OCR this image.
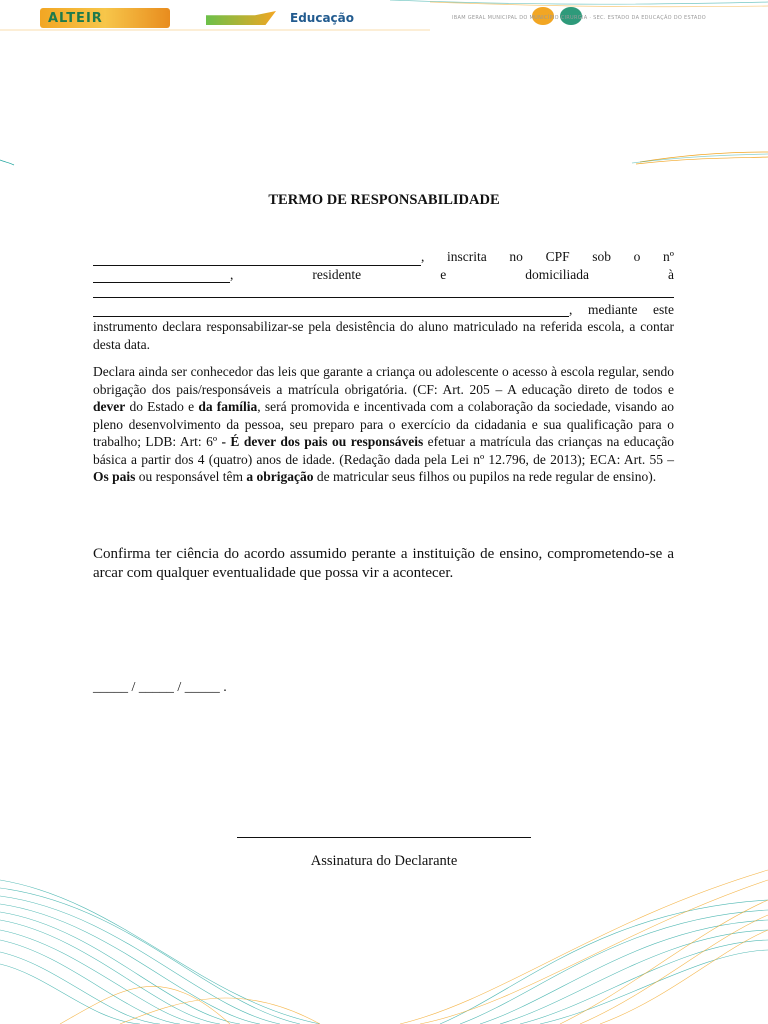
ALTEIR	Educação	IBAM GERAL MUNICIPAL DO MUNICÍPIO CIRURGIA · SEC. ESTADO DA EDUCAÇÃO DO ESTADO
TERMO DE RESPONSABILIDADE
, inscrita no CPF sob o nº
, residente e domiciliada à
, mediante este instrumento declara responsabilizar-se pela desistência do aluno matriculado na referida escola, a contar desta data.
Declara ainda ser conhecedor das leis que garante a criança ou adolescente o acesso à escola regular, sendo obrigação dos pais/responsáveis a matrícula obrigatória. (CF: Art. 205 – A educação direto de todos e dever do Estado e da família, será promovida e incentivada com a colaboração da sociedade, visando ao pleno desenvolvimento da pessoa, seu preparo para o exercício da cidadania e sua qualificação para o trabalho; LDB: Art: 6º - É dever dos pais ou responsáveis efetuar a matrícula das crianças na educação básica a partir dos 4 (quatro) anos de idade. (Redação dada pela Lei nº 12.796, de 2013); ECA: Art. 55 – Os pais ou responsável têm a obrigação de matricular seus filhos ou pupilos na rede regular de ensino).
Confirma ter ciência do acordo assumido perante a instituição de ensino, comprometendo-se a arcar com qualquer eventualidade que possa vir a acontecer.
_____ / _____ / _____ .
Assinatura do Declarante
